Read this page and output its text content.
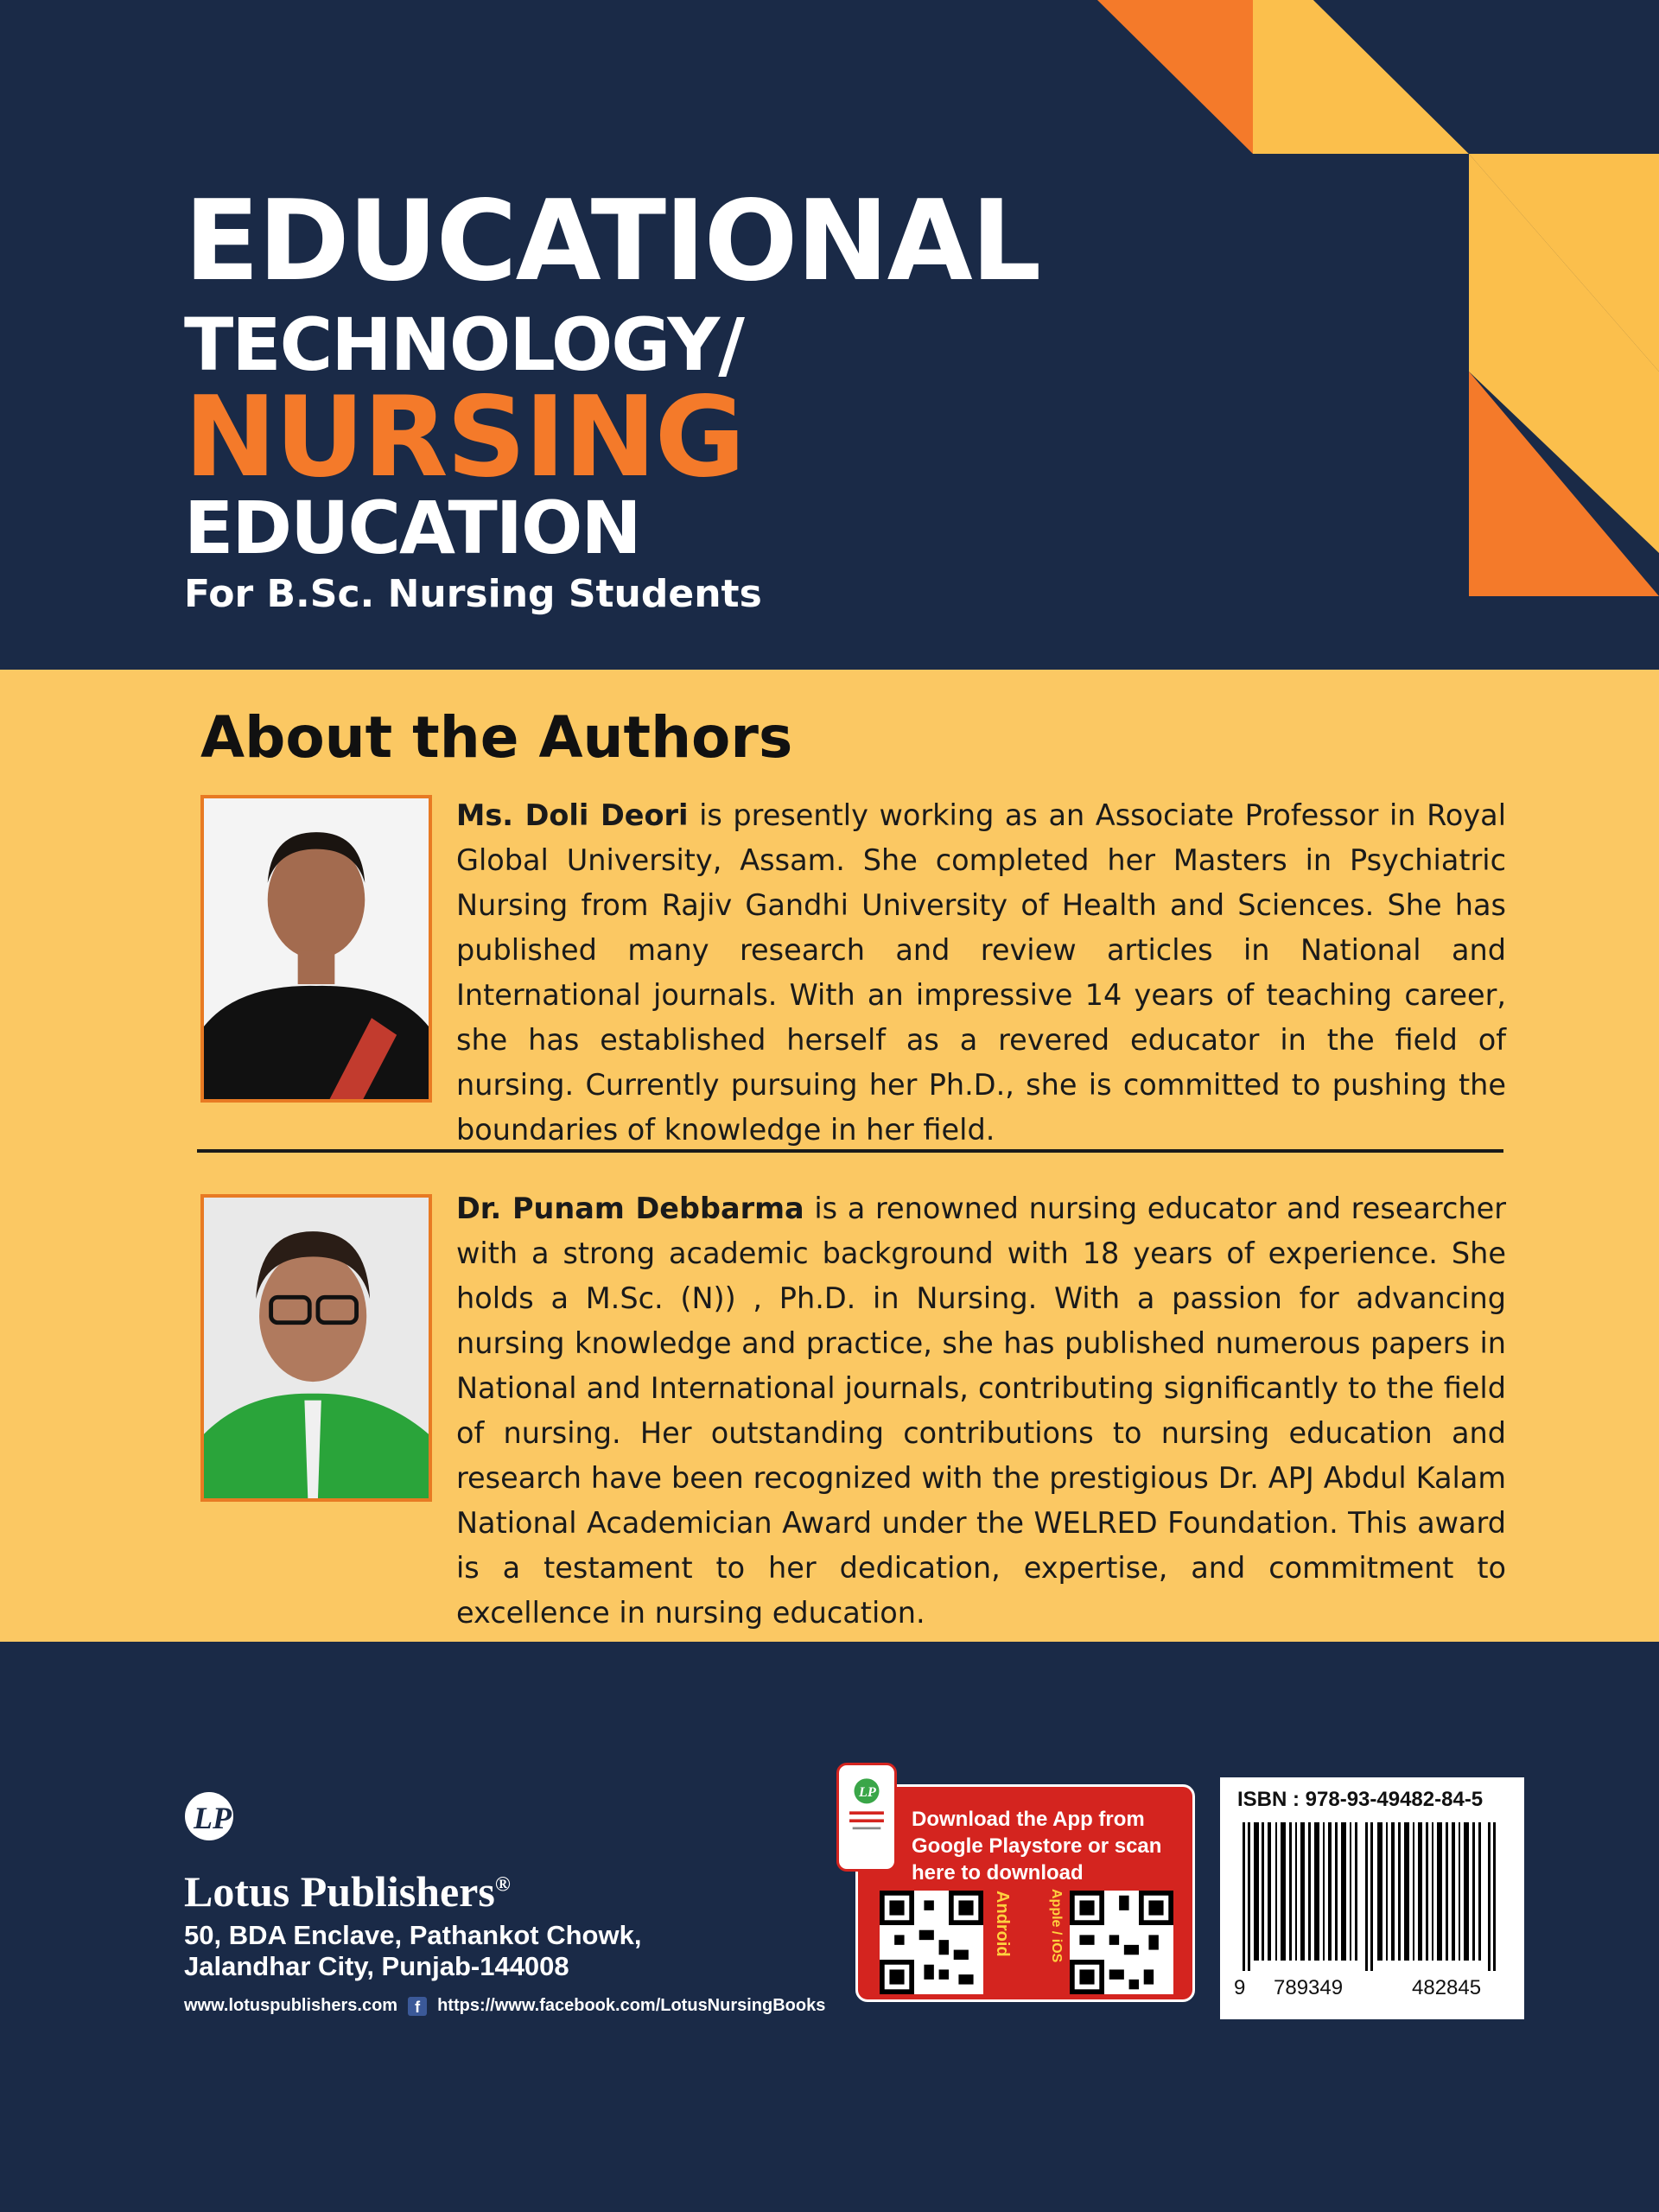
EDUCATIONAL
TECHNOLOGY/
NURSING
EDUCATION
For B.Sc. Nursing Students
About the Authors

Ms. Doli Deori is presently working as an Associate Professor in Royal Global University, Assam. She completed her Masters in Psychiatric Nursing from Rajiv Gandhi University of Health and Sciences. She has published many research and review articles in National and International journals. With an impressive 14 years of teaching career, she has established herself as a revered educator in the field of nursing. Currently pursuing her Ph.D., she is committed to pushing the boundaries of knowledge in her field.

Dr. Punam Debbarma is a renowned nursing educator and researcher with a strong academic background with 18 years of experience. She holds a M.Sc. (N)) , Ph.D. in Nursing. With a passion for advancing nursing knowledge and practice, she has published numerous papers in National and International journals, contributing significantly to the field of nursing. Her outstanding contributions to nursing education and research have been recognized with the prestigious Dr. APJ Abdul Kalam National Academician Award under the WELRED Foundation. This award is a testament to her dedication, expertise, and commitment to excellence in nursing education.

LP
Lotus Publishers®
50, BDA Enclave, Pathankot Chowk,
Jalandhar City, Punjab-144008
www.lotuspublishers.com	f	https://www.facebook.com/LotusNursingBooks
Download the App from Google Playstore or scan here to download
Android	Apple / iOS
LP	ISBN : 978-93-49482-84-5
9 789349	482845
